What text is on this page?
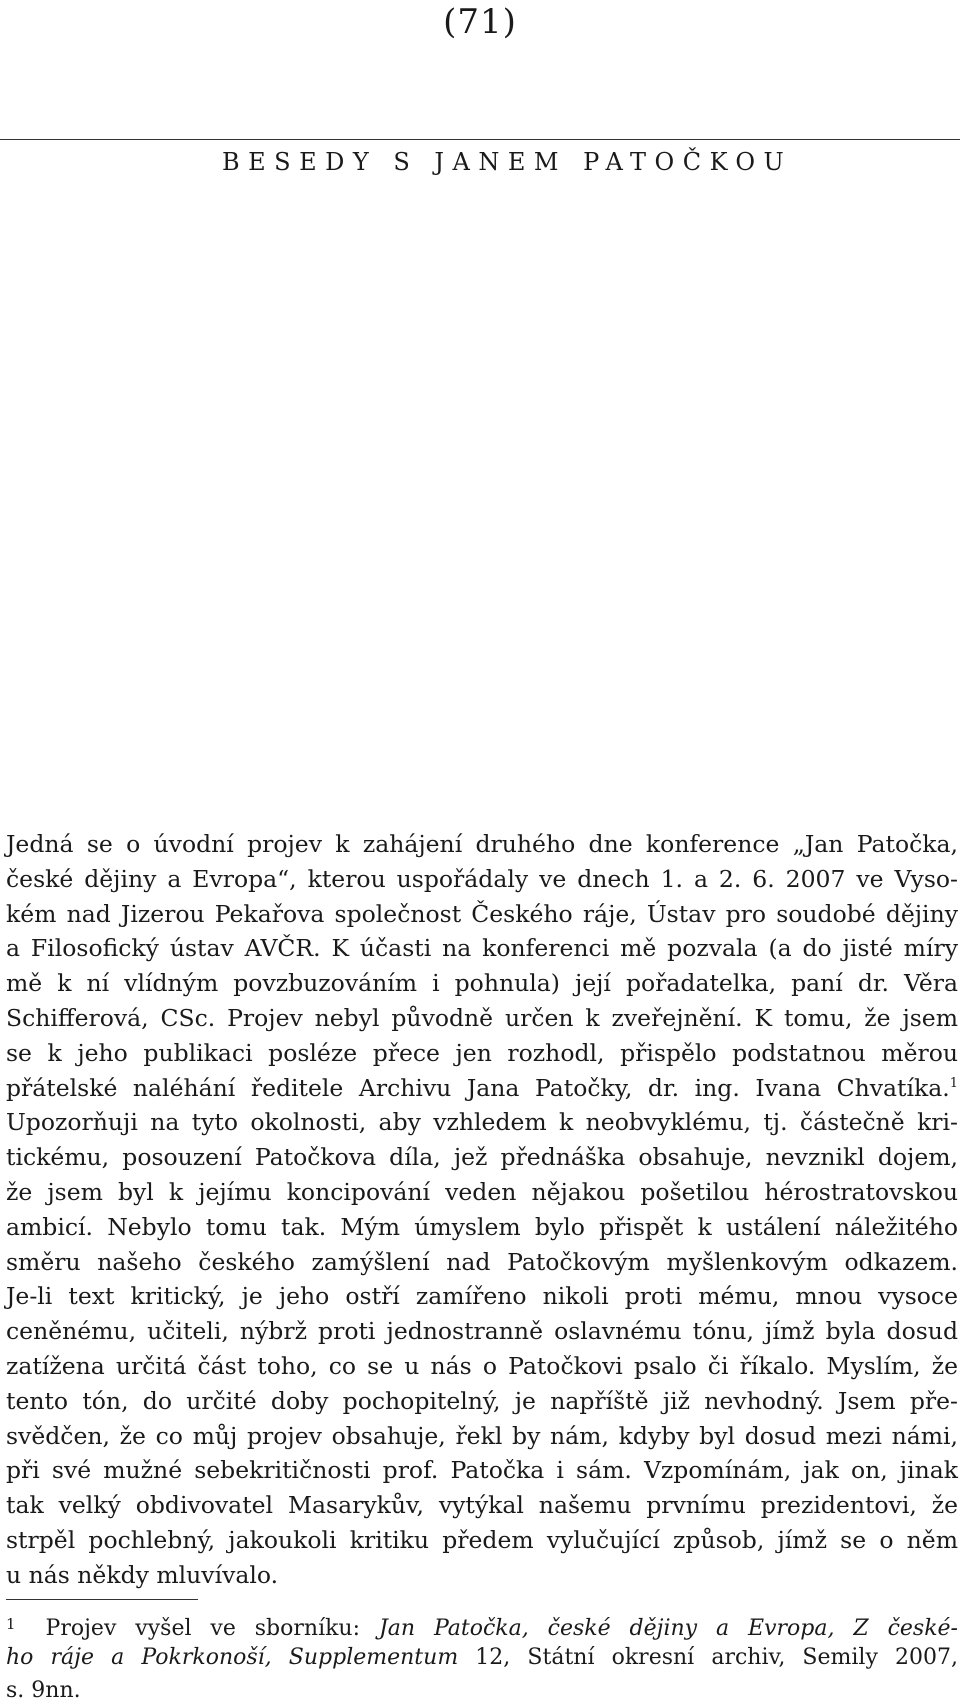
(71)
BESEDY S JANEM PATOČKOU
Jedná se o úvodní projev k zahájení druhého dne konference „Jan Patočka,
české dějiny a Evropa“, kterou uspořádaly ve dnech 1. a 2. 6. 2007 ve Vyso-
kém nad Jizerou Pekařova společnost Českého ráje, Ústav pro soudobé dějiny
a Filosofický ústav AVČR. K účasti na konferenci mě pozvala (a do jisté míry
mě k ní vlídným povzbuzováním i pohnula) její pořadatelka, paní dr. Věra
Schifferová, CSc. Projev nebyl původně určen k zveřejnění. K tomu, že jsem
se k jeho publikaci posléze přece jen rozhodl, přispělo podstatnou měrou
přátelské naléhání ředitele Archivu Jana Patočky, dr. ing. Ivana Chvatíka.$^1$
Upozorňuji na tyto okolnosti, aby vzhledem k neobvyklému, tj. částečně kri-
tickému, posouzení Patočkova díla, jež přednáška obsahuje, nevznikl dojem,
že jsem byl k jejímu koncipování veden nějakou pošetilou hérostratovskou
ambicí. Nebylo tomu tak. Mým úmyslem bylo přispět k ustálení náležitého
směru našeho českého zamýšlení nad Patočkovým myšlenkovým odkazem.
Je-li text kritický, je jeho ostří zamířeno nikoli proti mému, mnou vysoce
ceněnému, učiteli, nýbrž proti jednostranně oslavnému tónu, jímž byla dosud
zatížena určitá část toho, co se u nás o Patočkovi psalo či říkalo. Myslím, že
tento tón, do určité doby pochopitelný, je napříště již nevhodný. Jsem pře-
svědčen, že co můj projev obsahuje, řekl by nám, kdyby byl dosud mezi námi,
při své mužné sebekritičnosti prof. Patočka i sám. Vzpomínám, jak on, jinak
tak velký obdivovatel Masarykův, vytýkal našemu prvnímu prezidentovi, že
strpěl pochlebný, jakoukoli kritiku předem vylučující způsob, jímž se o něm
u nás někdy mluvívalo.
$^1$ Projev vyšel ve sborníku: Jan Patočka, české dějiny a Evropa, Z české-
ho ráje a Pokrkonoší, Supplementum 12, Státní okresní archiv, Semily 2007,
s. 9nn.
